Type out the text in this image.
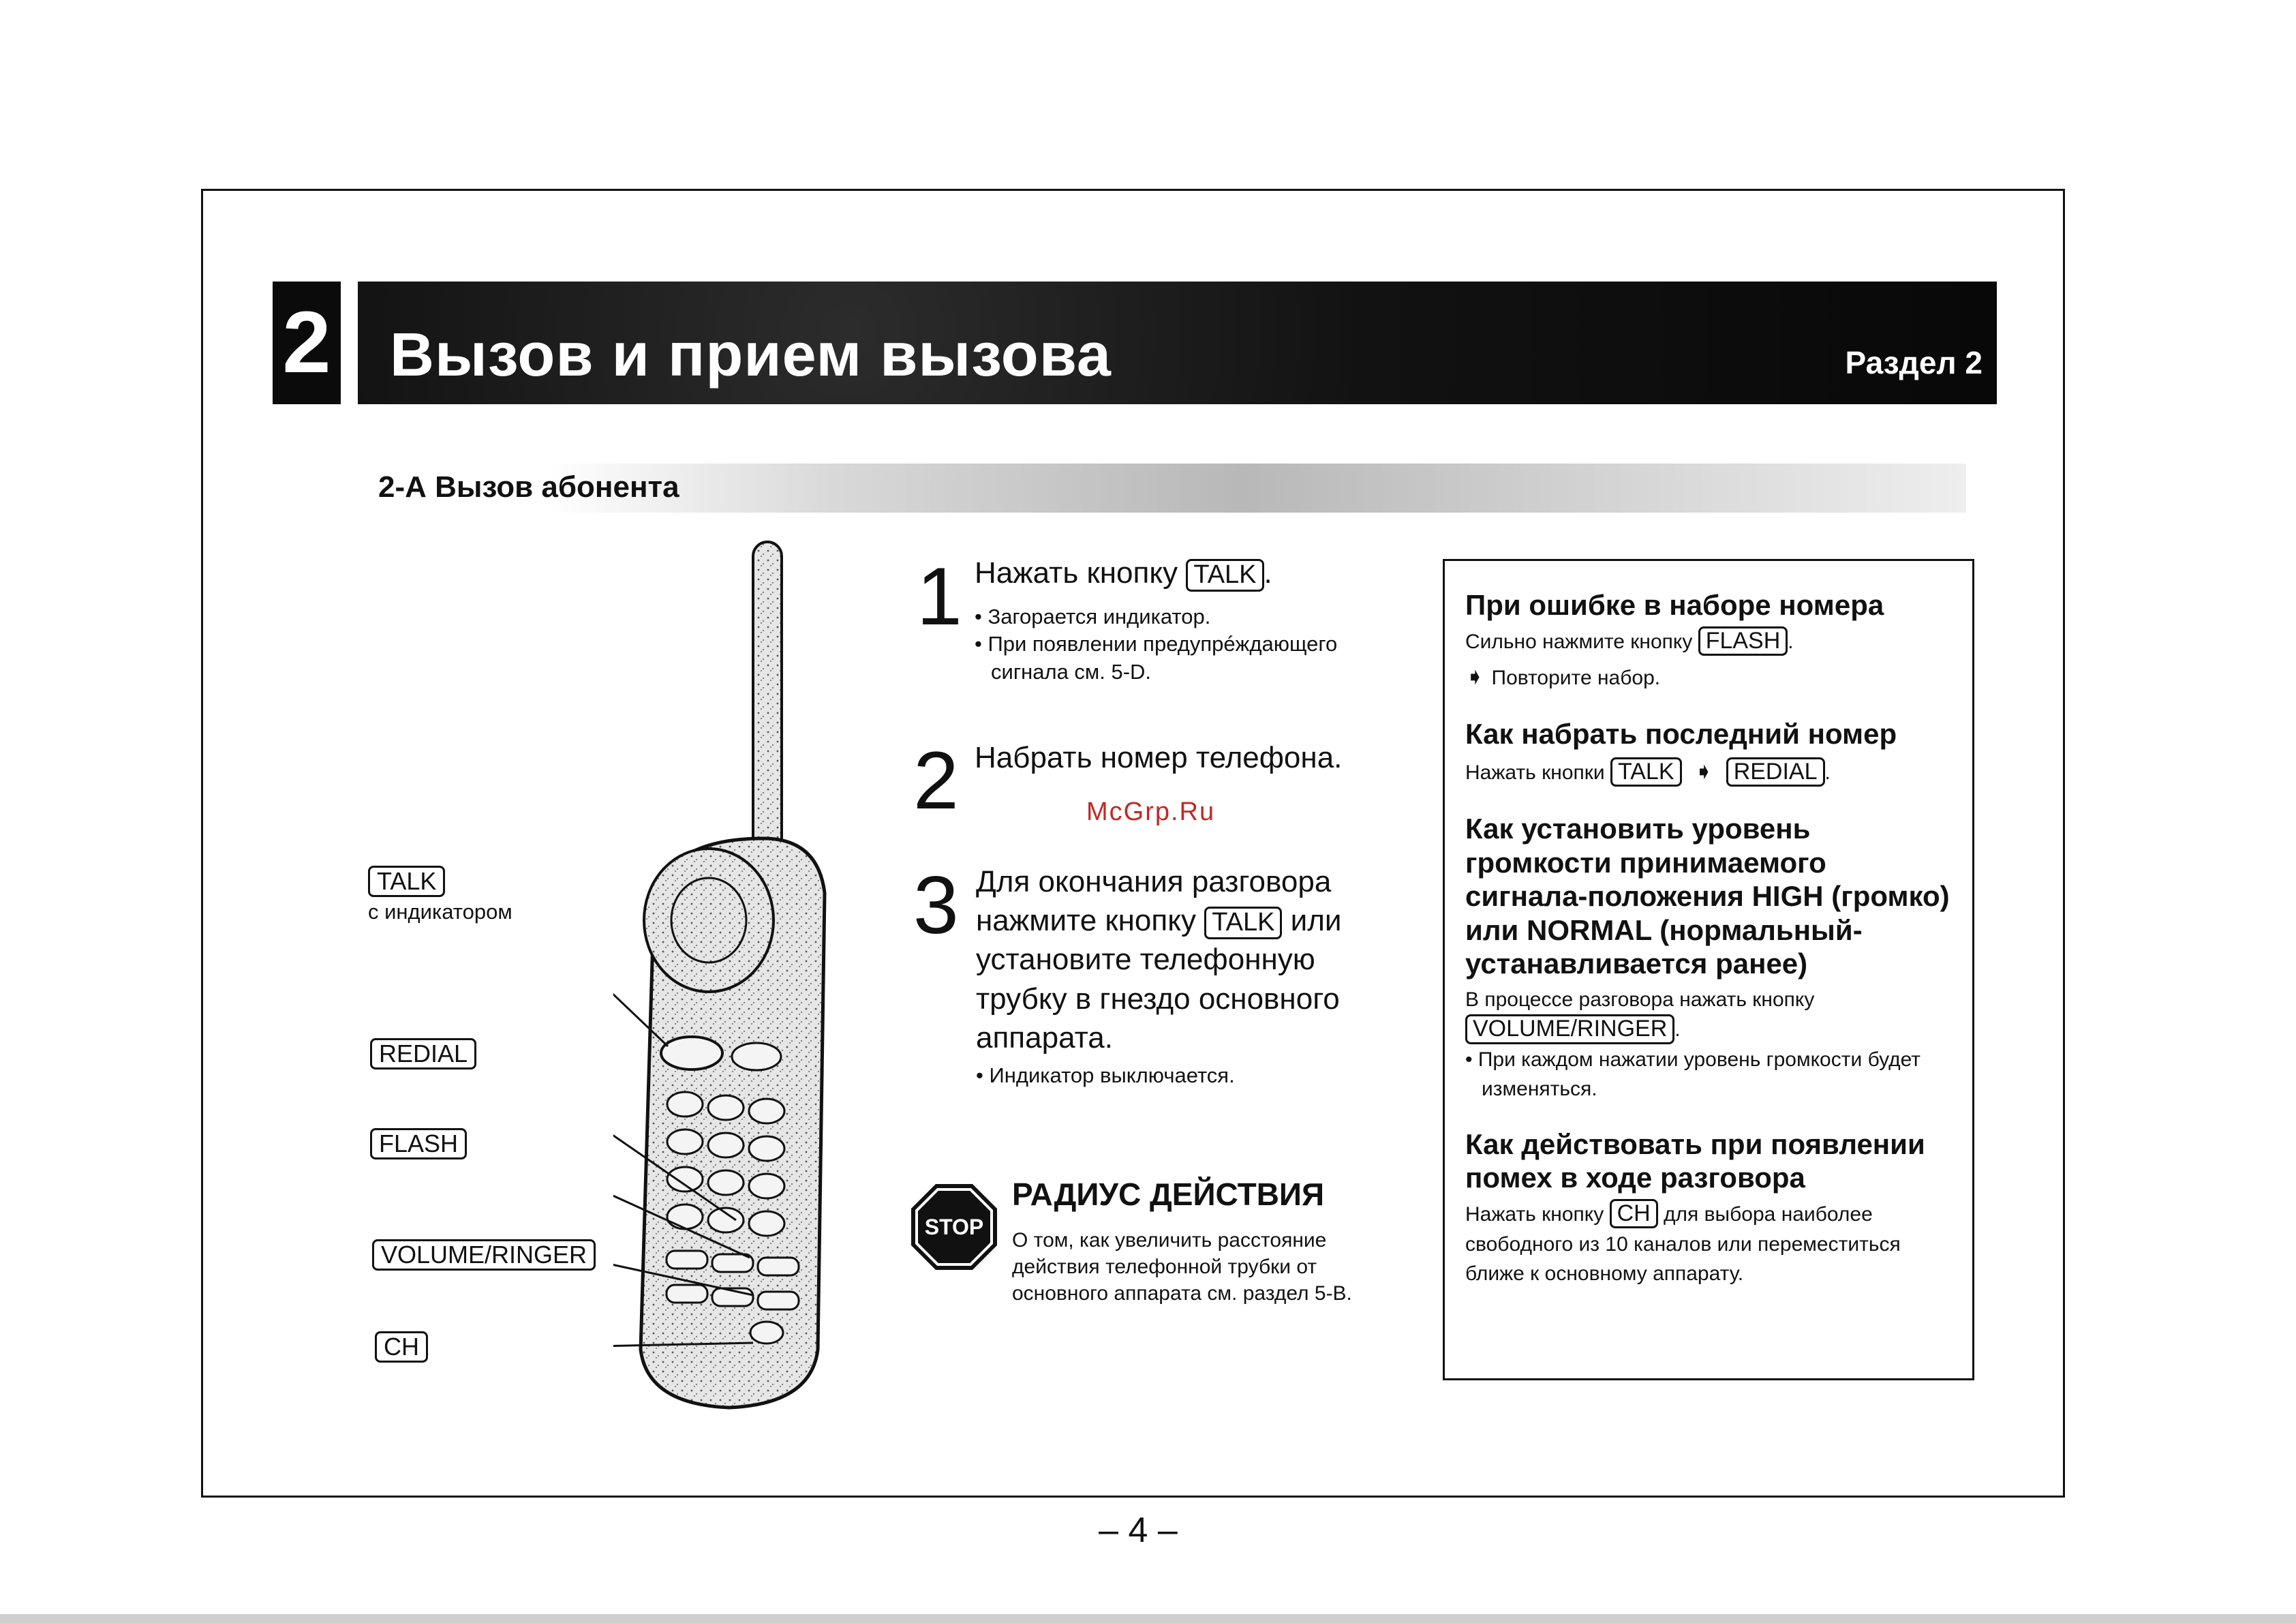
2 Вызов и прием вызова	Раздел 2
2-А Вызов абонента
TALK
с индикатором
REDIAL
FLASH
VOLUME/RINGER
CH
1 Нажать кнопку TALK .
• Загорается индикатор.
• При появлении предупрéждающего сигнала см. 5-D.
2 Набрать номер телефона.
McGrp.Ru
3 Для окончания разговора нажмите кнопку TALK или установите телефонную трубку в гнездо основного аппарата.
• Индикатор выключается.
STOP
РАДИУС ДЕЙСТВИЯ
О том, как увеличить расстояние действия телефонной трубки от основного аппарата см. раздел 5-B.
При ошибке в наборе номера
Сильно нажмите кнопку FLASH .
➧ Повторите набор.
Как набрать последний номер
Нажать кнопки TALK ➧ REDIAL .
Как установить уровень громкости принимаемого сигнала-положения HIGH (громко) или NORMAL (нормальный-устанавливается ранее)
В процессе разговора нажать кнопку
VOLUME/RINGER .
• При каждом нажатии уровень громкости будет изменяться.
Как действовать при появлении помех в ходе разговора
Нажать кнопку CH для выбора наиболее свободного из 10 каналов или переместиться ближе к основному аппарату.
– 4 –
